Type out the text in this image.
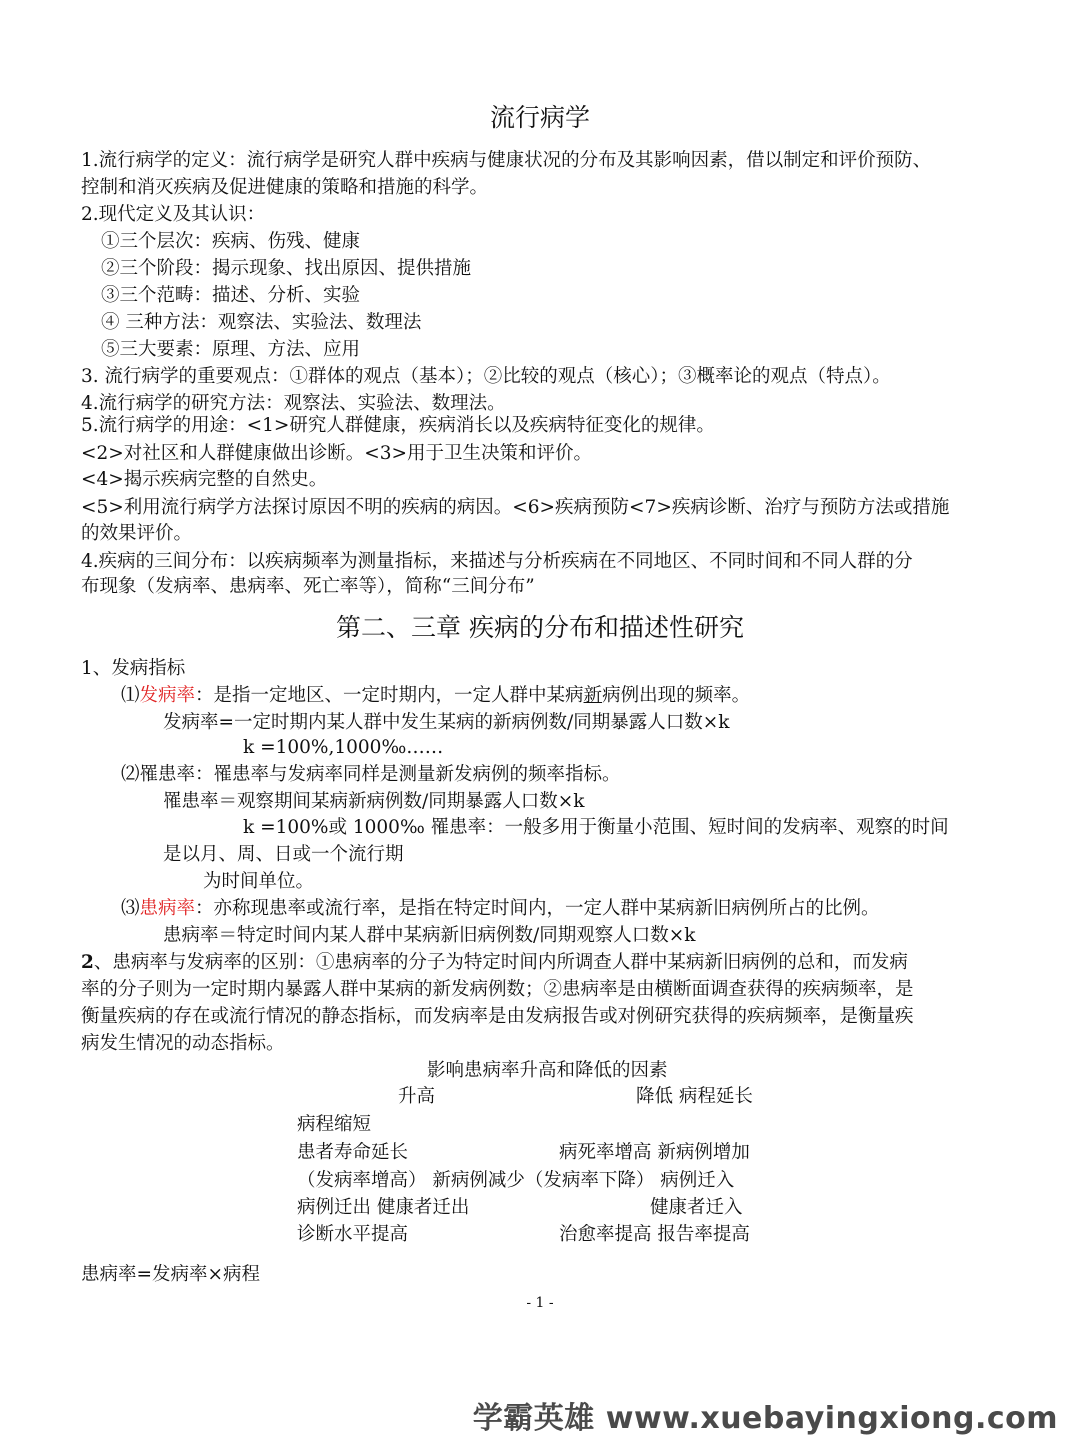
流行病学
1.流行病学的定义：流行病学是研究人群中疾病与健康状况的分布及其影响因素，借以制定和评价预防、
控制和消灭疾病及促进健康的策略和措施的科学。
2.现代定义及其认识：
①三个层次：疾病、伤残、健康
②三个阶段：揭示现象、找出原因、提供措施
③三个范畴：描述、分析、实验
④ 三种方法：观察法、实验法、数理法
⑤三大要素：原理、方法、应用
3. 流行病学的重要观点：①群体的观点（基本）；②比较的观点（核心）；③概率论的观点（特点）。
4.流行病学的研究方法：观察法、实验法、数理法。
5.流行病学的用途：<1>研究人群健康，疾病消长以及疾病特征变化的规律。
<2>对社区和人群健康做出诊断。<3>用于卫生决策和评价。
<4>揭示疾病完整的自然史。
<5>利用流行病学方法探讨原因不明的疾病的病因。<6>疾病预防<7>疾病诊断、治疗与预防方法或措施
的效果评价。
4.疾病的三间分布：以疾病频率为测量指标，来描述与分析疾病在不同地区、不同时间和不同人群的分
布现象（发病率、患病率、死亡率等），简称“三间分布”
第二、三章 疾病的分布和描述性研究
1、发病指标
⑴发病率：是指一定地区、一定时期内，一定人群中某病新病例出现的频率。
发病率=一定时期内某人群中发生某病的新病例数/同期暴露人口数×k
k =100%,1000‰……
⑵罹患率：罹患率与发病率同样是测量新发病例的频率指标。
罹患率＝观察期间某病新病例数/同期暴露人口数×k
k =100%或 1000‰ 罹患率：一般多用于衡量小范围、短时间的发病率、观察的时间
是以月、周、日或一个流行期
为时间单位。
⑶患病率：亦称现患率或流行率，是指在特定时间内，一定人群中某病新旧病例所占的比例。
患病率＝特定时间内某人群中某病新旧病例数/同期观察人口数×k
2、患病率与发病率的区别：①患病率的分子为特定时间内所调查人群中某病新旧病例的总和，而发病
率的分子则为一定时期内暴露人群中某病的新发病例数；②患病率是由横断面调查获得的疾病频率，是
衡量疾病的存在或流行情况的静态指标，而发病率是由发病报告或对例研究获得的疾病频率，是衡量疾
病发生情况的动态指标。
影响患病率升高和降低的因素
升高	降低 病程延长
病程缩短
患者寿命延长	病死率增高 新病例增加
（发病率增高） 新病例减少（发病率下降） 病例迁入
病例迁出 健康者迁出	健康者迁入
诊断水平提高	治愈率提高 报告率提高
患病率=发病率×病程
- 1 -
学霸英雄 www.xuebayingxiong.com
